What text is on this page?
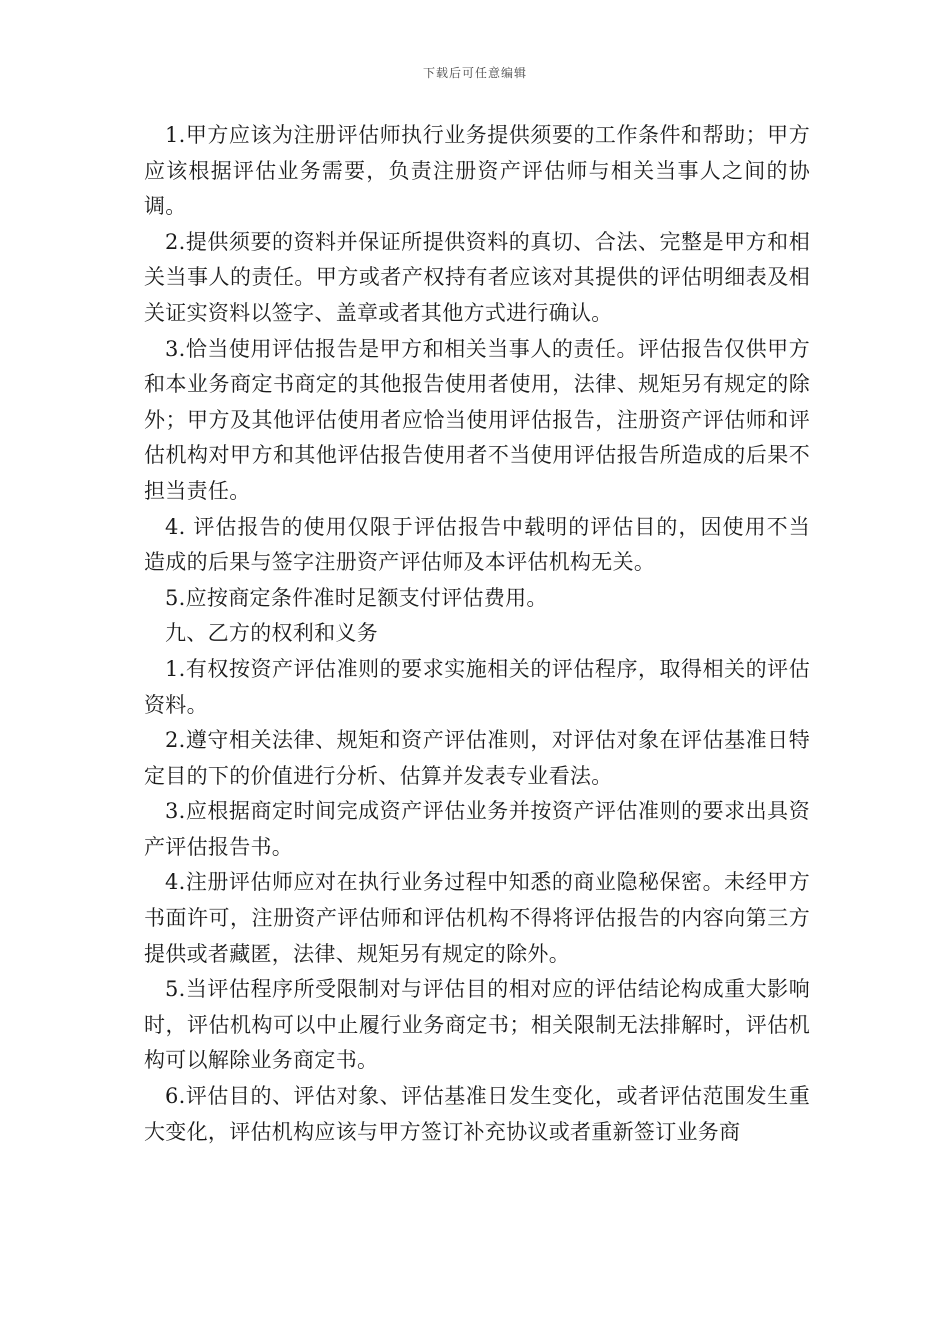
下载后可任意编辑

1.甲方应该为注册评估师执行业务提供须要的工作条件和帮助；甲方应该根据评估业务需要，负责注册资产评估师与相关当事人之间的协调。

2.提供须要的资料并保证所提供资料的真切、合法、完整是甲方和相关当事人的责任。甲方或者产权持有者应该对其提供的评估明细表及相关证实资料以签字、盖章或者其他方式进行确认。

3.恰当使用评估报告是甲方和相关当事人的责任。评估报告仅供甲方和本业务商定书商定的其他报告使用者使用，法律、规矩另有规定的除外；甲方及其他评估使用者应恰当使用评估报告，注册资产评估师和评估机构对甲方和其他评估报告使用者不当使用评估报告所造成的后果不担当责任。

4. 评估报告的使用仅限于评估报告中载明的评估目的，因使用不当造成的后果与签字注册资产评估师及本评估机构无关。

5.应按商定条件准时足额支付评估费用。

九、乙方的权利和义务

1.有权按资产评估准则的要求实施相关的评估程序，取得相关的评估资料。

2.遵守相关法律、规矩和资产评估准则，对评估对象在评估基准日特定目的下的价值进行分析、估算并发表专业看法。

3.应根据商定时间完成资产评估业务并按资产评估准则的要求出具资产评估报告书。

4.注册评估师应对在执行业务过程中知悉的商业隐秘保密。未经甲方书面许可，注册资产评估师和评估机构不得将评估报告的内容向第三方提供或者藏匿，法律、规矩另有规定的除外。

5.当评估程序所受限制对与评估目的相对应的评估结论构成重大影响时，评估机构可以中止履行业务商定书；相关限制无法排解时，评估机构可以解除业务商定书。

6.评估目的、评估对象、评估基准日发生变化，或者评估范围发生重大变化，评估机构应该与甲方签订补充协议或者重新签订业务商
